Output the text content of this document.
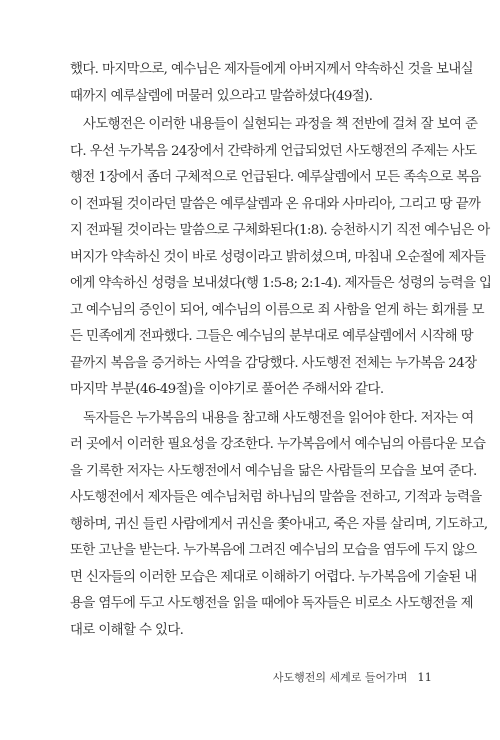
했다. 마지막으로, 예수님은 제자들에게 아버지께서 약속하신 것을 보내실
때까지 예루살렘에 머물러 있으라고 말씀하셨다(49절).
사도행전은 이러한 내용들이 실현되는 과정을 책 전반에 걸쳐 잘 보여 준
다. 우선 누가복음 24장에서 간략하게 언급되었던 사도행전의 주제는 사도
행전 1장에서 좀더 구체적으로 언급된다. 예루살렘에서 모든 족속으로 복음
이 전파될 것이라던 말씀은 예루살렘과 온 유대와 사마리아, 그리고 땅 끝까
지 전파될 것이라는 말씀으로 구체화된다(1:8). 승천하시기 직전 예수님은 아
버지가 약속하신 것이 바로 성령이라고 밝히셨으며, 마침내 오순절에 제자들
에게 약속하신 성령을 보내셨다(행 1:5-8; 2:1-4). 제자들은 성령의 능력을 입
고 예수님의 증인이 되어, 예수님의 이름으로 죄 사함을 얻게 하는 회개를 모
든 민족에게 전파했다. 그들은 예수님의 분부대로 예루살렘에서 시작해 땅
끝까지 복음을 증거하는 사역을 감당했다. 사도행전 전체는 누가복음 24장
마지막 부분(46-49절)을 이야기로 풀어쓴 주해서와 같다.
독자들은 누가복음의 내용을 참고해 사도행전을 읽어야 한다. 저자는 여
러 곳에서 이러한 필요성을 강조한다. 누가복음에서 예수님의 아름다운 모습
을 기록한 저자는 사도행전에서 예수님을 닮은 사람들의 모습을 보여 준다.
사도행전에서 제자들은 예수님처럼 하나님의 말씀을 전하고, 기적과 능력을
행하며, 귀신 들린 사람에게서 귀신을 쫓아내고, 죽은 자를 살리며, 기도하고,
또한 고난을 받는다. 누가복음에 그려진 예수님의 모습을 염두에 두지 않으
면 신자들의 이러한 모습은 제대로 이해하기 어렵다. 누가복음에 기술된 내
용을 염두에 두고 사도행전을 읽을 때에야 독자들은 비로소 사도행전을 제
대로 이해할 수 있다.
사도행전의 세계로 들어가며 11
